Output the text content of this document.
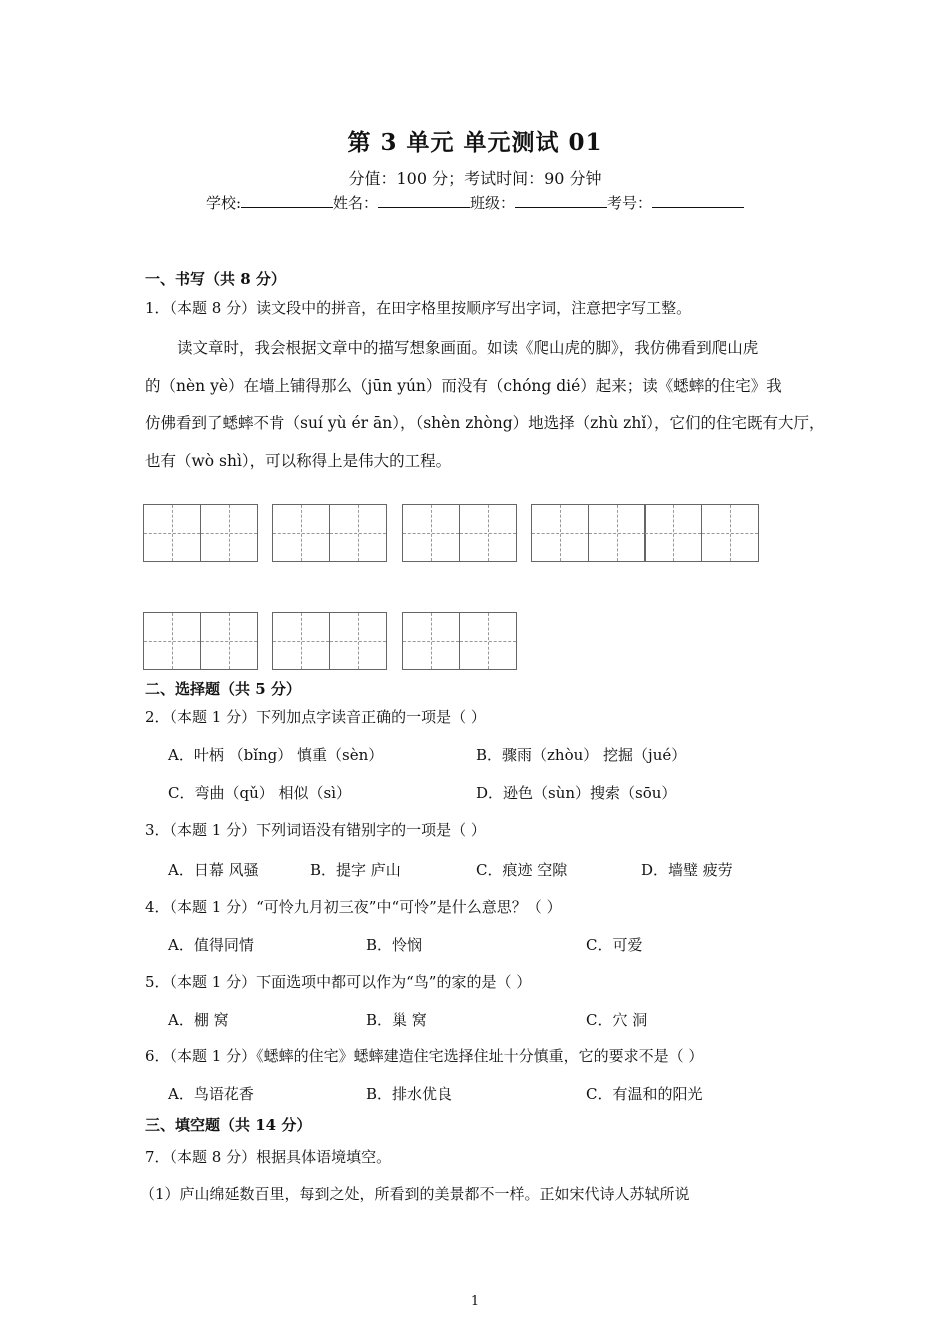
第 3 单元 单元测试 01
分值：100 分；考试时间：90 分钟
学校:	姓名：	班级：	考号：
一、书写（共 8 分）
1．（本题 8 分）读文段中的拼音，在田字格里按顺序写出字词，注意把字写工整。
读文章时，我会根据文章中的描写想象画面。如读《爬山虎的脚》，我仿佛看到爬山虎
的（nèn yè）在墙上铺得那么（jūn yún）而没有（chóng dié）起来；读《蟋蟀的住宅》我
仿佛看到了蟋蟀不肯（suí yù ér ān），（shèn zhòng）地选择（zhù zhǐ），它们的住宅既有大厅，
也有（wò shì），可以称得上是伟大的工程。
二、选择题（共 5 分）
2．（本题 1 分）下列加点字读音正确的一项是（ ）
A．叶柄 （bǐng） 慎重（sèn）	B．骤雨（zhòu） 挖掘（jué）
C．弯曲（qǔ） 相似（sì）	D．逊色（sùn）搜索（sōu）
3．（本题 1 分）下列词语没有错别字的一项是（ ）
A．日幕 风骚	B．提字 庐山	C．痕迹 空隙	D．墙璧 疲劳
4．（本题 1 分）“可怜九月初三夜”中“可怜”是什么意思？（ ）
A．值得同情	B．怜悯	C．可爱
5．（本题 1 分）下面选项中都可以作为“鸟”的家的是（ ）
A．棚 窝	B．巢 窝	C．穴 洞
6．（本题 1 分）《蟋蟀的住宅》蟋蟀建造住宅选择住址十分慎重，它的要求不是（ ）
A．鸟语花香	B．排水优良	C．有温和的阳光
三、填空题（共 14 分）
7．（本题 8 分）根据具体语境填空。
（1）庐山绵延数百里，每到之处，所看到的美景都不一样。正如宋代诗人苏轼所说
1
